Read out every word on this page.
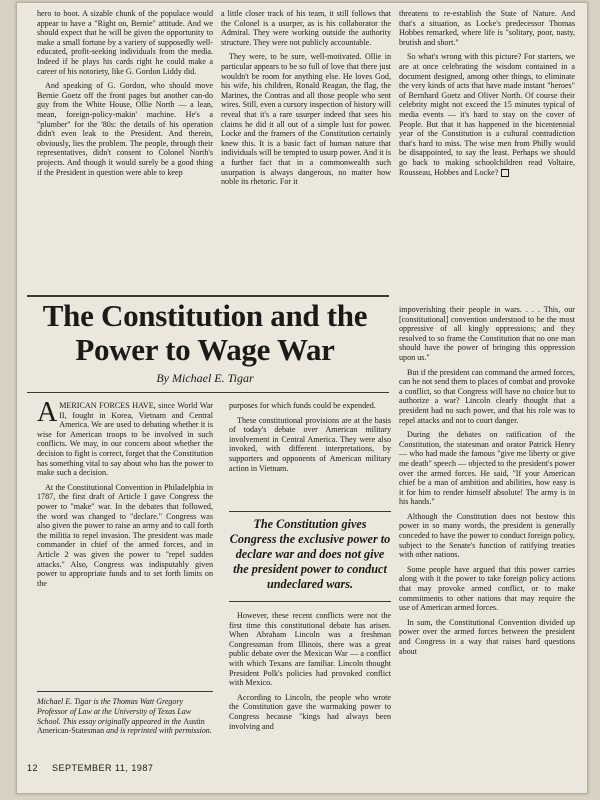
hero to boot. A sizable chunk of the populace would appear to have a "Right on, Bernie" attitude. And we should expect that he will be given the opportunity to make a small fortune by a variety of supposedly well-educated, profit-seeking individuals from the media. Indeed if he plays his cards right he could make a career of his notoriety, like G. Gordon Liddy did.

And speaking of G. Gordon, who should move Bernie Goetz off the front pages but another can-do guy from the White House, Ollie North — a lean, mean, foreign-policy-makin' machine. He's a "plumber" for the '80s: the details of his operation didn't even leak to the President. And therein, obviously, lies the problem. The people, through their representatives, didn't consent to Colonel North's projects. And though it would surely be a good thing if the President in question were able to keep

a little closer track of his team, it still follows that the Colonel is a usurper, as is his collaborator the Admiral. They were working outside the authority structure. They were not publicly accountable.

They were, to be sure, well-motivated. Ollie in particular appears to be so full of love that there just wouldn't be room for anything else. He loves God, his wife, his children, Ronald Reagan, the flag, the Marines, the Contras and all those people who sent wires. Still, even a cursory inspection of history will reveal that it's a rare usurper indeed that sees his claims he did it all out of a simple lust for power. Locke and the framers of the Constitution certainly knew this. It is a basic fact of human nature that individuals will be tempted to usurp power. And it is a further fact that in a commonwealth such usurpation is always dangerous, no matter how noble its rhetoric. For it

threatens to re-establish the State of Nature. And that's a situation, as Locke's predecessor Thomas Hobbes remarked, where life is "solitary, poor, nasty, brutish and short."

So what's wrong with this picture? For starters, we are at once celebrating the wisdom contained in a document designed, among other things, to eliminate the very kinds of acts that have made instant "heroes" of Bernhard Goetz and Oliver North. Of course their celebrity might not exceed the 15 minutes typical of media events — it's hard to stay on the cover of People. But that it has happened in the bicentennial year of the Constitution is a cultural contradiction that's hard to miss. The wise men from Philly would be disappointed, to say the least. Perhaps we should go back to making schoolchildren read Voltaire, Rousseau, Hobbes and Locke?

The Constitution and the Power to Wage War
By Michael E. Tigar

AMERICAN FORCES HAVE, since World War II, fought in Korea, Vietnam and Central America. We are used to debating whether it is wise for American troops to be involved in such conflicts. We may, in our concern about whether the decision to fight is correct, forget that the Constitution has something vital to say about who has the power to make such a decision.

At the Constitutional Convention in Philadelphia in 1787, the first draft of Article I gave Congress the power to "make" war. In the debates that followed, the word was changed to "declare." Congress was also given the power to raise an army and to call forth the militia to repel invasion. The president was made commander in chief of the armed forces, and in Article 2 was given the power to "repel sudden attacks." Also, Congress was indisputably given power to appropriate funds and to set forth limits on the

purposes for which funds could be expended.

These constitutional provisions are at the basis of today's debate over American military involvement in Central America. They were also invoked, with different interpretations, by supporters and opponents of American military action in Vietnam.

The Constitution gives Congress the exclusive power to declare war and does not give the president power to conduct undeclared wars.

However, these recent conflicts were not the first time this constitutional debate has arisen. When Abraham Lincoln was a freshman Congressman from Illinois, there was a great public debate over the Mexican War — a conflict with which Texans are familiar. Lincoln thought President Polk's policies had provoked conflict with Mexico.

According to Lincoln, the people who wrote the Constitution gave the warmaking power to Congress because "kings had always been involving and

impoverishing their people in wars. . . . This, our [constitutional] convention understood to be the most oppressive of all kingly oppressions; and they resolved to so frame the Constitution that no one man should have the power of bringing this oppression upon us."

But if the president can command the armed forces, can he not send them to places of combat and provoke a conflict, so that Congress will have no choice but to authorize a war? Lincoln clearly thought that a president had no such power, and that his role was to repel attacks and not to court danger.

During the debates on ratification of the Constitution, the statesman and orator Patrick Henry — who had made the famous "give me liberty or give me death" speech — objected to the president's power over the armed forces. He said, "If your American chief be a man of ambition and abilities, how easy is it for him to render himself absolute! The army is in his hands."

Although the Constitution does not bestow this power in so many words, the president is generally conceded to have the power to conduct foreign policy, subject to the Senate's function of ratifying treaties with other nations.

Some people have argued that this power carries along with it the power to take foreign policy actions that may provoke armed conflict, or to make commitments to other nations that may require the use of American armed forces.

In sum, the Constitutional Convention divided up power over the armed forces between the president and Congress in a way that raises hard questions about

Michael E. Tigar is the Thomas Watt Gregory Professor of Law at the University of Texas Law School. This essay originally appeared in the Austin American-Statesman and is reprinted with permission.
12 SEPTEMBER 11, 1987
